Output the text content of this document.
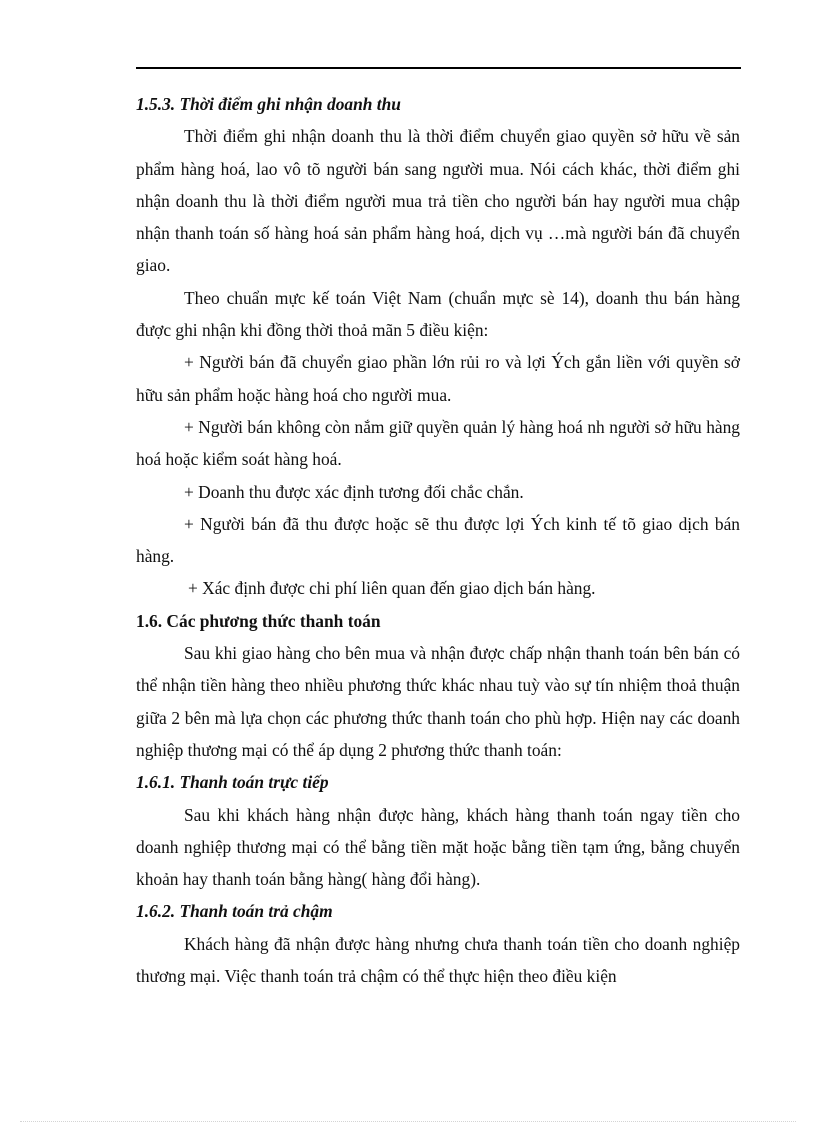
1.5.3. Thời điểm ghi nhận doanh thu

Thời điểm ghi nhận doanh thu là thời điểm chuyển giao quyền sở hữu về sản phẩm hàng hoá, lao vô tõ người bán sang người mua. Nói cách khác, thời điểm ghi nhận doanh thu là thời điểm người mua trả tiền cho người bán hay người mua chập nhận thanh toán số hàng hoá sản phẩm hàng hoá, dịch vụ …mà người bán đã chuyển giao.

Theo chuẩn mực kế toán Việt Nam (chuẩn mực sè 14), doanh thu bán hàng được ghi nhận khi đồng thời thoả mãn 5 điều kiện:

+ Người bán đã chuyển giao phần lớn rủi ro và lợi Ých gắn liền với quyền sở hữu sản phẩm hoặc hàng hoá cho người mua.

+ Người bán không còn nắm giữ quyền quản lý hàng hoá nh người sở hữu hàng hoá hoặc kiểm soát hàng hoá.

+ Doanh thu được xác định tương đối chắc chắn.

+ Người bán đã thu được hoặc sẽ thu được lợi Ých kinh tế tõ giao dịch bán hàng.

+ Xác định được chi phí liên quan đến giao dịch bán hàng.

1.6. Các phương thức thanh toán

Sau khi giao hàng cho bên mua và nhận được chấp nhận thanh toán bên bán có thể nhận tiền hàng theo nhiều phương thức khác nhau tuỳ vào sự tín nhiệm thoả thuận giữa 2 bên mà lựa chọn các phương thức thanh toán cho phù hợp. Hiện nay các doanh nghiệp thương mại có thể áp dụng 2 phương thức thanh toán:

1.6.1. Thanh toán trực tiếp

Sau khi khách hàng nhận được hàng, khách hàng thanh toán ngay tiền cho doanh nghiệp thương mại có thể bằng tiền mặt hoặc bằng tiền tạm ứng, bằng chuyển khoản hay thanh toán bằng hàng( hàng đổi hàng).

1.6.2. Thanh toán trả chậm

Khách hàng đã nhận được hàng nhưng chưa thanh toán tiền cho doanh nghiệp thương mại. Việc thanh toán trả chậm có thể thực hiện theo điều kiện
